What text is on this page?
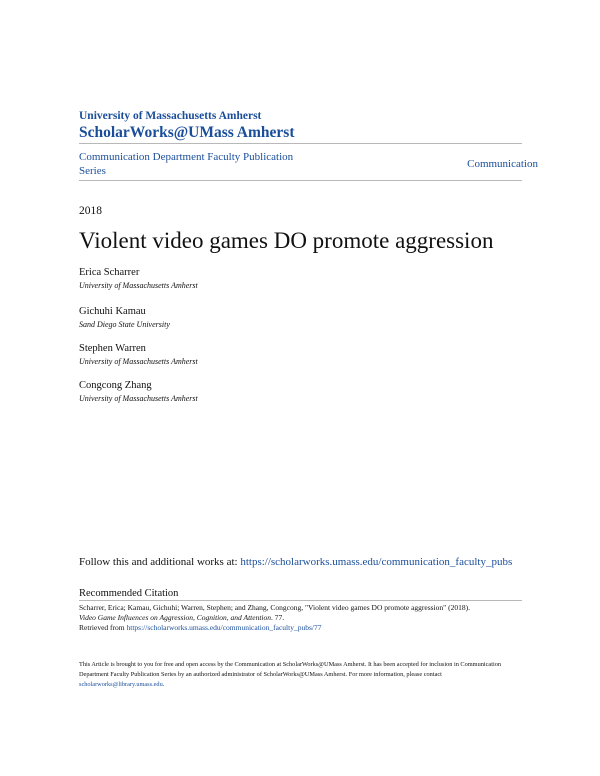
University of Massachusetts Amherst
ScholarWorks@UMass Amherst
Communication Department Faculty Publication Series
Communication
2018
Violent video games DO promote aggression
Erica Scharrer
University of Massachusetts Amherst
Gichuhi Kamau
Sand Diego State University
Stephen Warren
University of Massachusetts Amherst
Congcong Zhang
University of Massachusetts Amherst
Follow this and additional works at: https://scholarworks.umass.edu/communication_faculty_pubs
Recommended Citation
Scharrer, Erica; Kamau, Gichuhi; Warren, Stephen; and Zhang, Congcong, "Violent video games DO promote aggression" (2018).
Video Game Influences on Aggression, Cognition, and Attention. 77.
Retrieved from https://scholarworks.umass.edu/communication_faculty_pubs/77
This Article is brought to you for free and open access by the Communication at ScholarWorks@UMass Amherst. It has been accepted for inclusion in Communication Department Faculty Publication Series by an authorized administrator of ScholarWorks@UMass Amherst. For more information, please contact scholarworks@library.umass.edu.
